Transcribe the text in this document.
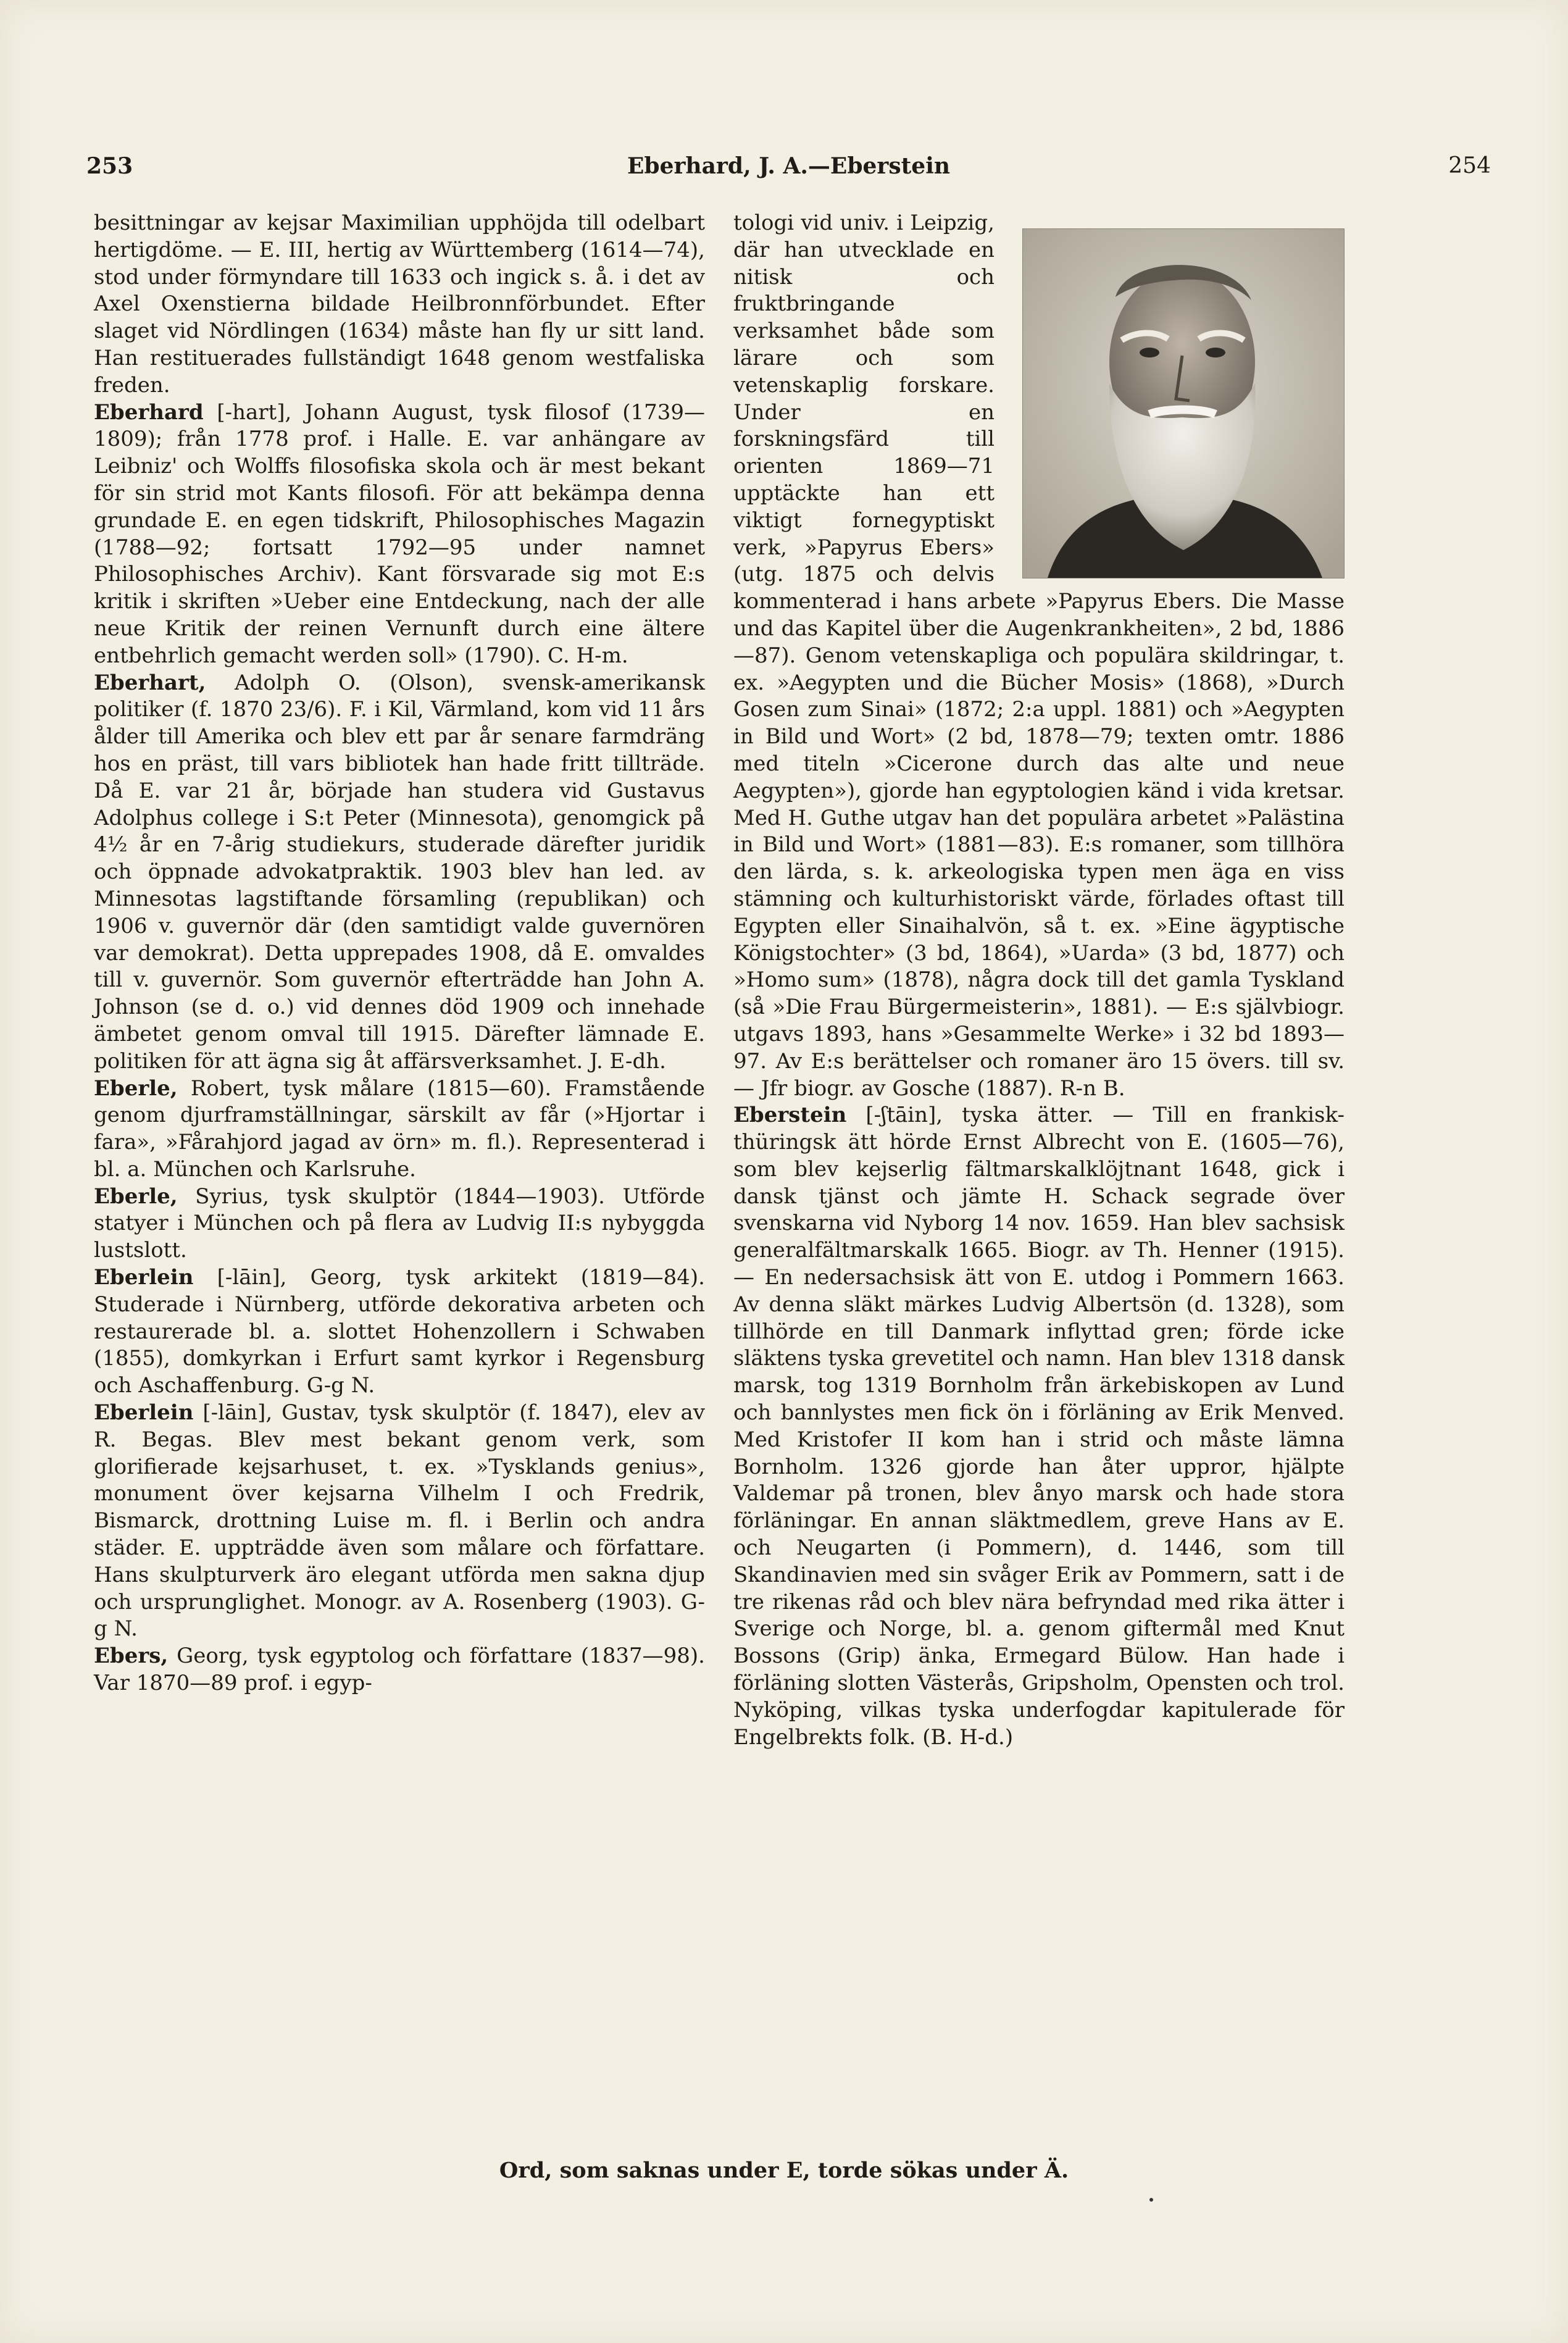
253	Eberhard, J. A.—Eberstein	254

besittningar av kejsar Maximilian upphöjda till odelbart hertigdöme. — E. III, hertig av Württemberg (1614—74), stod under förmyndare till 1633 och ingick s. å. i det av Axel Oxenstierna bildade Heilbronnförbundet. Efter slaget vid Nördlingen (1634) måste han fly ur sitt land. Han restituerades fullständigt 1648 genom westfaliska freden.

Eberhard [-hart], Johann August, tysk filosof (1739—1809); från 1778 prof. i Halle. E. var anhängare av Leibniz' och Wolffs filosofiska skola och är mest bekant för sin strid mot Kants filosofi. För att bekämpa denna grundade E. en egen tidskrift, Philosophisches Magazin (1788—92; fortsatt 1792—95 under namnet Philosophisches Archiv). Kant försvarade sig mot E:s kritik i skriften »Ueber eine Entdeckung, nach der alle neue Kritik der reinen Vernunft durch eine ältere entbehrlich gemacht werden soll» (1790). C. H-m.

Eberhart, Adolph O. (Olson), svensk-amerikansk politiker (f. 1870 23/6). F. i Kil, Värmland, kom vid 11 års ålder till Amerika och blev ett par år senare farmdräng hos en präst, till vars bibliotek han hade fritt tillträde. Då E. var 21 år, började han studera vid Gustavus Adolphus college i S:t Peter (Minnesota), genomgick på 4½ år en 7-årig studiekurs, studerade därefter juridik och öppnade advokatpraktik. 1903 blev han led. av Minnesotas lagstiftande församling (republikan) och 1906 v. guvernör där (den samtidigt valde guvernören var demokrat). Detta upprepades 1908, då E. omvaldes till v. guvernör. Som guvernör efterträdde han John A. Johnson (se d. o.) vid dennes död 1909 och innehade ämbetet genom omval till 1915. Därefter lämnade E. politiken för att ägna sig åt affärsverksamhet. J. E-dh.

Eberle, Robert, tysk målare (1815—60). Framstående genom djurframställningar, särskilt av får (»Hjortar i fara», »Fårahjord jagad av örn» m. fl.). Representerad i bl. a. München och Karlsruhe.

Eberle, Syrius, tysk skulptör (1844—1903). Utförde statyer i München och på flera av Ludvig II:s nybyggda lustslott.

Eberlein [-lāin], Georg, tysk arkitekt (1819—84). Studerade i Nürnberg, utförde dekorativa arbeten och restaurerade bl. a. slottet Hohenzollern i Schwaben (1855), domkyrkan i Erfurt samt kyrkor i Regensburg och Aschaffenburg. G-g N.

Eberlein [-lāin], Gustav, tysk skulptör (f. 1847), elev av R. Begas. Blev mest bekant genom verk, som glorifierade kejsarhuset, t. ex. »Tysklands genius», monument över kejsarna Vilhelm I och Fredrik, Bismarck, drottning Luise m. fl. i Berlin och andra städer. E. uppträdde även som målare och författare. Hans skulpturverk äro elegant utförda men sakna djup och ursprunglighet. Monogr. av A. Rosenberg (1903). G-g N.

Ebers, Georg, tysk egyptolog och författare (1837—98). Var 1870—89 prof. i egyp-

tologi vid univ. i Leipzig, där han utvecklade en nitisk och fruktbringande verksamhet både som lärare och som vetenskaplig forskare. Under en forskningsfärd till orienten 1869—71 upptäckte han ett viktigt fornegyptiskt verk, »Papyrus Ebers» (utg. 1875 och delvis kommenterad i hans arbete »Papyrus Ebers. Die Masse und das Kapitel über die Augenkrankheiten», 2 bd, 1886—87). Genom vetenskapliga och populära skildringar, t. ex. »Aegypten und die Bücher Mosis» (1868), »Durch Gosen zum Sinai» (1872; 2:a uppl. 1881) och »Aegypten in Bild und Wort» (2 bd, 1878—79; texten omtr. 1886 med titeln »Cicerone durch das alte und neue Aegypten»), gjorde han egyptologien känd i vida kretsar. Med H. Guthe utgav han det populära arbetet »Palästina in Bild und Wort» (1881—83). E:s romaner, som tillhöra den lärda, s. k. arkeologiska typen men äga en viss stämning och kulturhistoriskt värde, förlades oftast till Egypten eller Sinaihalvön, så t. ex. »Eine ägyptische Königstochter» (3 bd, 1864), »Uarda» (3 bd, 1877) och »Homo sum» (1878), några dock till det gamla Tyskland (så »Die Frau Bürgermeisterin», 1881). — E:s självbiogr. utgavs 1893, hans »Gesammelte Werke» i 32 bd 1893—97. Av E:s berättelser och romaner äro 15 övers. till sv. — Jfr biogr. av Gosche (1887). R-n B.

Eberstein [-ʃtāin], tyska ätter. — Till en frankisk-thüringsk ätt hörde Ernst Albrecht von E. (1605—76), som blev kejserlig fältmarskalklöjtnant 1648, gick i dansk tjänst och jämte H. Schack segrade över svenskarna vid Nyborg 14 nov. 1659. Han blev sachsisk generalfältmarskalk 1665. Biogr. av Th. Henner (1915). — En nedersachsisk ätt von E. utdog i Pommern 1663. Av denna släkt märkes Ludvig Albertsön (d. 1328), som tillhörde en till Danmark inflyttad gren; förde icke släktens tyska grevetitel och namn. Han blev 1318 dansk marsk, tog 1319 Bornholm från ärkebiskopen av Lund och bannlystes men fick ön i förläning av Erik Menved. Med Kristofer II kom han i strid och måste lämna Bornholm. 1326 gjorde han åter uppror, hjälpte Valdemar på tronen, blev ånyo marsk och hade stora förläningar. En annan släktmedlem, greve Hans av E. och Neugarten (i Pommern), d. 1446, som till Skandinavien med sin svåger Erik av Pommern, satt i de tre rikenas råd och blev nära befryndad med rika ätter i Sverige och Norge, bl. a. genom giftermål med Knut Bossons (Grip) änka, Ermegard Bülow. Han hade i förläning slotten Västerås, Gripsholm, Opensten och trol. Nyköping, vilkas tyska underfogdar kapitulerade för Engelbrekts folk. (B. H-d.)

Ord, som saknas under E, torde sökas under Ä.
